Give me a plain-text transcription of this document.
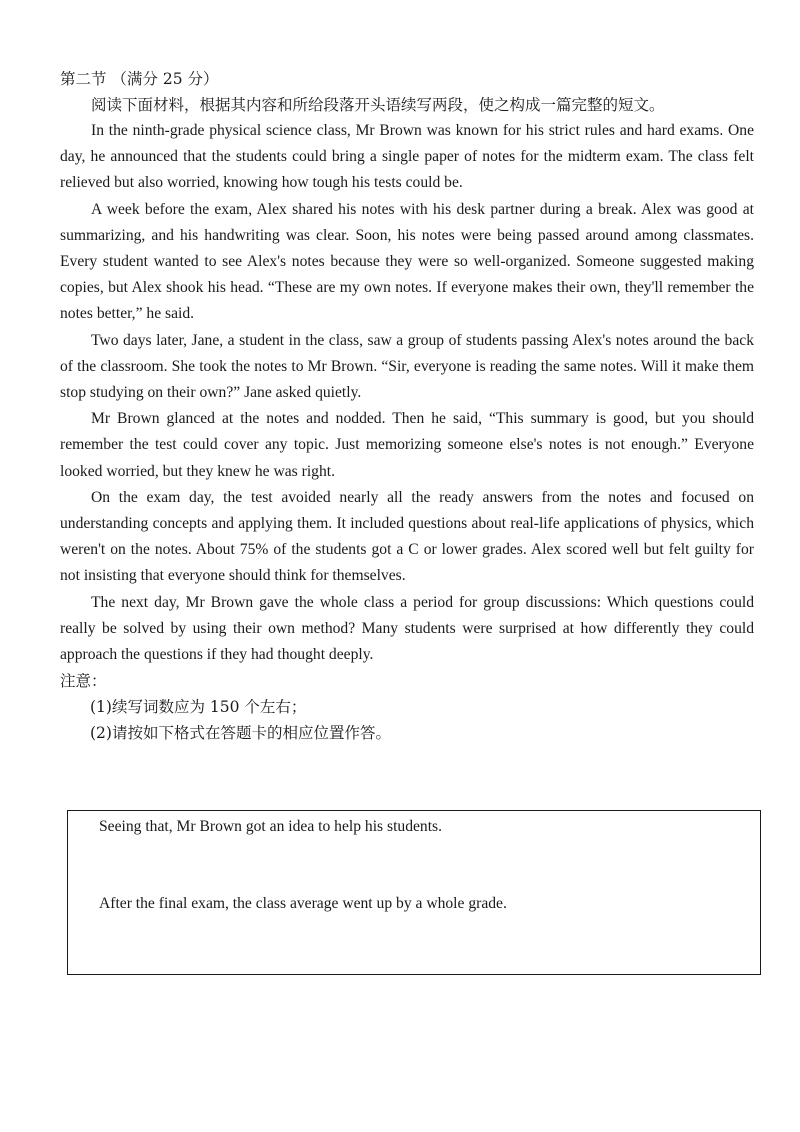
第二节 （满分 25 分）

阅读下面材料，根据其内容和所给段落开头语续写两段，使之构成一篇完整的短文。

In the ninth-grade physical science class, Mr Brown was known for his strict rules and hard exams. One day, he announced that the students could bring a single paper of notes for the midterm exam. The class felt relieved but also worried, knowing how tough his tests could be.

A week before the exam, Alex shared his notes with his desk partner during a break. Alex was good at summarizing, and his handwriting was clear. Soon, his notes were being passed around among classmates. Every student wanted to see Alex's notes because they were so well-organized. Someone suggested making copies, but Alex shook his head. “These are my own notes. If everyone makes their own, they'll remember the notes better,” he said.

Two days later, Jane, a student in the class, saw a group of students passing Alex's notes around the back of the classroom. She took the notes to Mr Brown. “Sir, everyone is reading the same notes. Will it make them stop studying on their own?” Jane asked quietly.

Mr Brown glanced at the notes and nodded. Then he said, “This summary is good, but you should remember the test could cover any topic. Just memorizing someone else's notes is not enough.” Everyone looked worried, but they knew he was right.

On the exam day, the test avoided nearly all the ready answers from the notes and focused on understanding concepts and applying them. It included questions about real-life applications of physics, which weren't on the notes. About 75% of the students got a C or lower grades. Alex scored well but felt guilty for not insisting that everyone should think for themselves.

The next day, Mr Brown gave the whole class a period for group discussions: Which questions could really be solved by using their own method? Many students were surprised at how differently they could approach the questions if they had thought deeply.

注意：

(1)续写词数应为 150 个左右；

(2)请按如下格式在答题卡的相应位置作答。

Seeing that, Mr Brown got an idea to help his students.
After the final exam, the class average went up by a whole grade.
